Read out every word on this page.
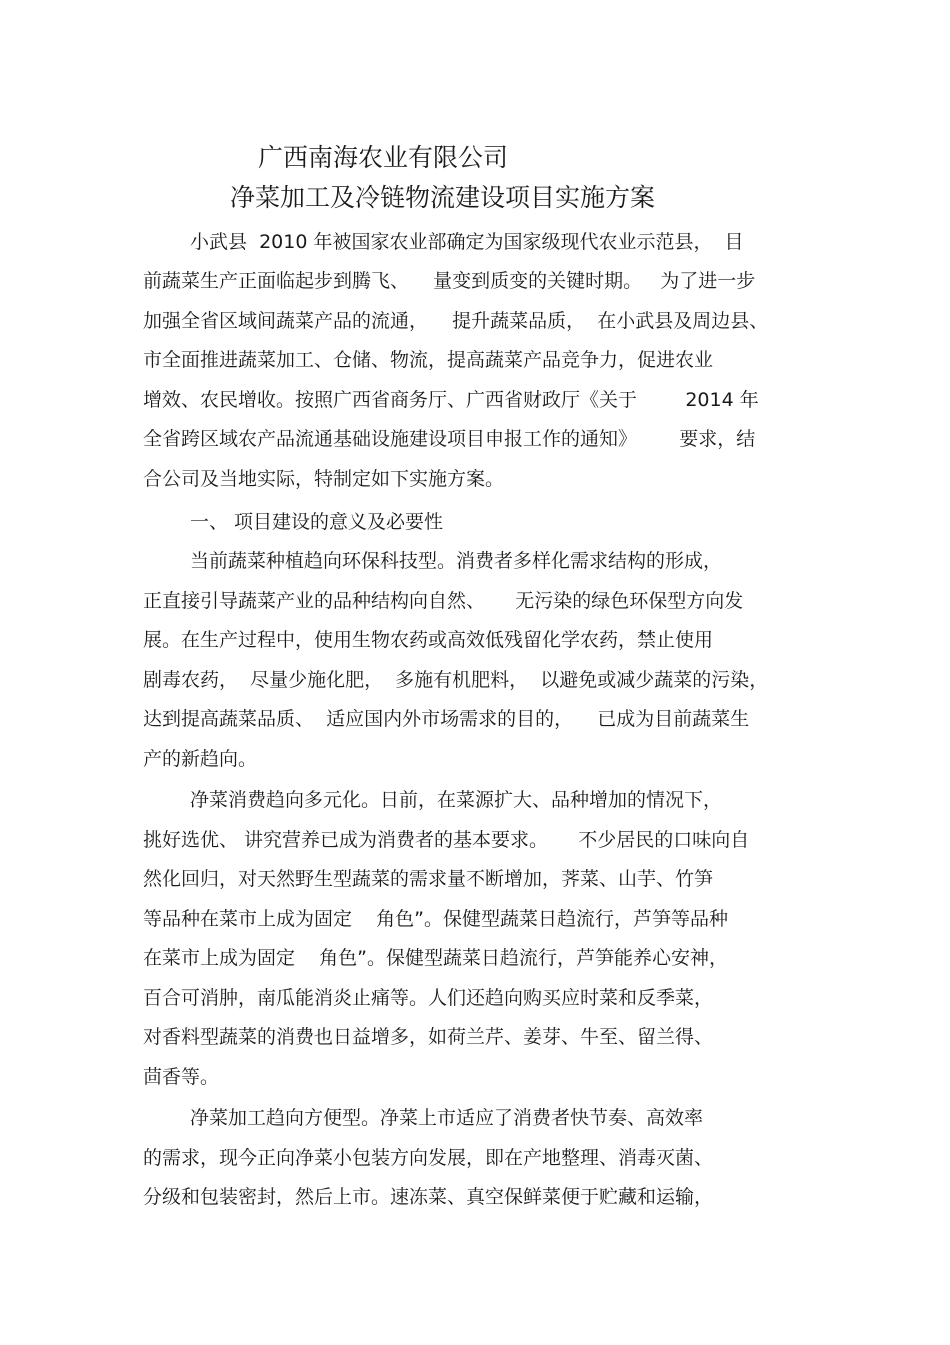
广西南海农业有限公司
净菜加工及冷链物流建设项目实施方案
小武县  2010 年被国家农业部确定为国家级现代农业示范县，  目
前蔬菜生产正面临起步到腾飞、    量变到质变的关键时期。   为了进一步
加强全省区域间蔬菜产品的流通，    提升蔬菜品质，  在小武县及周边县、
市全面推进蔬菜加工、仓储、物流，提高蔬菜产品竞争力，促进农业
增效、农民增收。按照广西省商务厅、广西省财政厅《关于        2014 年
全省跨区域农产品流通基础设施建设项目申报工作的通知》       要求，结
合公司及当地实际，特制定如下实施方案。
一、 项目建设的意义及必要性
当前蔬菜种植趋向环保科技型。消费者多样化需求结构的形成，
正直接引导蔬菜产业的品种结构向自然、     无污染的绿色环保型方向发
展。在生产过程中，使用生物农药或高效低残留化学农药，禁止使用
剧毒农药，  尽量少施化肥，  多施有机肥料，  以避免或减少蔬菜的污染，
达到提高蔬菜品质、  适应国内外市场需求的目的，    已成为目前蔬菜生
产的新趋向。
净菜消费趋向多元化。日前，在菜源扩大、品种增加的情况下，
挑好选优、 讲究营养已成为消费者的基本要求。     不少居民的口味向自
然化回归，对天然野生型蔬菜的需求量不断增加，荠菜、山芋、竹笋
等品种在菜市上成为固定    角色”。保健型蔬菜日趋流行，芦笋等品种
在菜市上成为固定    角色”。保健型蔬菜日趋流行，芦笋能养心安神，
百合可消肿，南瓜能消炎止痛等。人们还趋向购买应时菜和反季菜，
对香料型蔬菜的消费也日益增多，如荷兰芹、姜芽、牛至、留兰得、
茴香等。
净菜加工趋向方便型。净菜上市适应了消费者快节奏、高效率
的需求，现今正向净菜小包装方向发展，即在产地整理、消毒灭菌、
分级和包装密封，然后上市。速冻菜、真空保鲜菜便于贮藏和运输，
